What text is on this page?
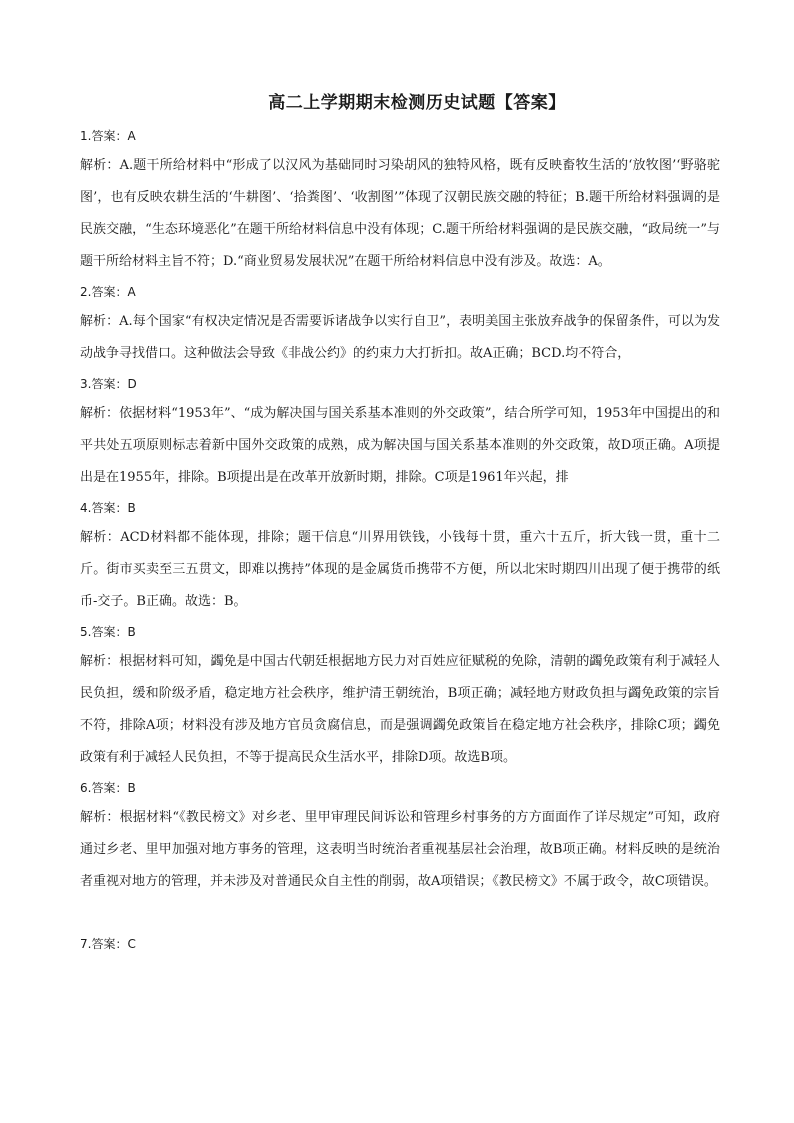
高二上学期期末检测历史试题【答案】
1.答案：A

解析：A.题干所给材料中“形成了以汉风为基础同时习染胡风的独特风格，既有反映畜牧生活的‘放牧图’‘野骆驼图’，也有反映农耕生活的‘牛耕图’、‘拾粪图’、‘收割图’”体现了汉朝民族交融的特征；B.题干所给材料强调的是民族交融，“生态环境恶化”在题干所给材料信息中没有体现；C.题干所给材料强调的是民族交融，“政局统一”与题干所给材料主旨不符；D.“商业贸易发展状况”在题干所给材料信息中没有涉及。故选：A。

2.答案：A

解析：A.每个国家“有权决定情况是否需要诉诸战争以实行自卫”，表明美国主张放弃战争的保留条件，可以为发动战争寻找借口。这种做法会导致《非战公约》的约束力大打折扣。故A正确；BCD.均不符合，

3.答案：D

解析：依据材料“1953年”、“成为解决国与国关系基本准则的外交政策”，结合所学可知，1953年中国提出的和平共处五项原则标志着新中国外交政策的成熟，成为解决国与国关系基本准则的外交政策，故D项正确。A项提出是在1955年，排除。B项提出是在改革开放新时期，排除。C项是1961年兴起，排

4.答案：B

解析：ACD材料都不能体现，排除；题干信息“川界用铁钱，小钱每十贯，重六十五斤，折大钱一贯，重十二斤。街市买卖至三五贯文，即难以携持”体现的是金属货币携带不方便，所以北宋时期四川出现了便于携带的纸币-交子。B正确。故选：B。

5.答案：B

解析：根据材料可知，蠲免是中国古代朝廷根据地方民力对百姓应征赋税的免除，清朝的蠲免政策有利于减轻人民负担，缓和阶级矛盾，稳定地方社会秩序，维护清王朝统治，B项正确；减轻地方财政负担与蠲免政策的宗旨不符，排除A项；材料没有涉及地方官员贪腐信息，而是强调蠲免政策旨在稳定地方社会秩序，排除C项；蠲免政策有利于减轻人民负担，不等于提高民众生活水平，排除D项。故选B项。

6.答案：B

解析：根据材料“《教民榜文》对乡老、里甲审理民间诉讼和管理乡村事务的方方面面作了详尽规定”可知，政府通过乡老、里甲加强对地方事务的管理，这表明当时统治者重视基层社会治理，故B项正确。材料反映的是统治者重视对地方的管理，并未涉及对普通民众自主性的削弱，故A项错误；《教民榜文》不属于政令，故C项错误。

7.答案：C
